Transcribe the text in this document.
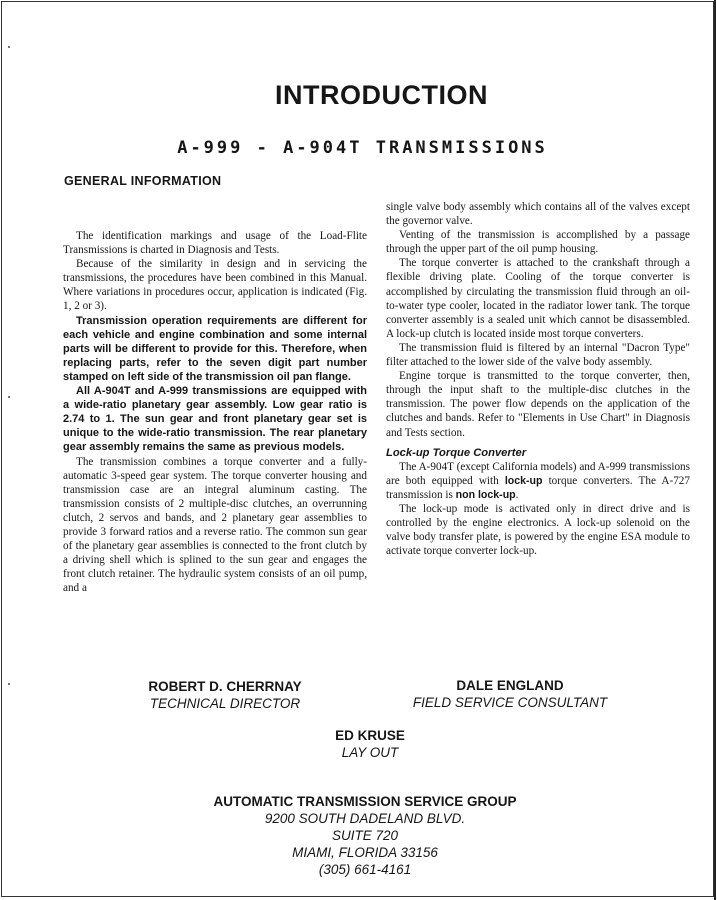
INTRODUCTION
A-999 - A-904T TRANSMISSIONS
GENERAL INFORMATION

The identification markings and usage of the Load-Flite Transmissions is charted in Diagnosis and Tests.

Because of the similarity in design and in servicing the transmissions, the procedures have been combined in this Manual. Where variations in procedures occur, application is indicated (Fig. 1, 2 or 3).

Transmission operation requirements are different for each vehicle and engine combination and some internal parts will be different to provide for this. Therefore, when replacing parts, refer to the seven digit part number stamped on left side of the transmission oil pan flange.

All A-904T and A-999 transmissions are equipped with a wide-ratio planetary gear assembly. Low gear ratio is 2.74 to 1. The sun gear and front planetary gear set is unique to the wide-ratio transmission. The rear planetary gear assembly remains the same as previous models.

The transmission combines a torque converter and a fully-automatic 3-speed gear system. The torque converter housing and transmission case are an integral aluminum casting. The transmission consists of 2 multiple-disc clutches, an overrunning clutch, 2 servos and bands, and 2 planetary gear assemblies to provide 3 forward ratios and a reverse ratio. The common sun gear of the planetary gear assemblies is connected to the front clutch by a driving shell which is splined to the sun gear and engages the front clutch retainer. The hydraulic system consists of an oil pump, and a

single valve body assembly which contains all of the valves except the governor valve.

Venting of the transmission is accomplished by a passage through the upper part of the oil pump housing.

The torque converter is attached to the crankshaft through a flexible driving plate. Cooling of the torque converter is accomplished by circulating the transmission fluid through an oil-to-water type cooler, located in the radiator lower tank. The torque converter assembly is a sealed unit which cannot be disassembled. A lock-up clutch is located inside most torque converters.

The transmission fluid is filtered by an internal "Dacron Type" filter attached to the lower side of the valve body assembly.

Engine torque is transmitted to the torque converter, then, through the input shaft to the multiple-disc clutches in the transmission. The power flow depends on the application of the clutches and bands. Refer to "Elements in Use Chart" in Diagnosis and Tests section.

Lock-up Torque Converter

The A-904T (except California models) and A-999 transmissions are both equipped with lock-up torque converters. The A-727 transmission is non lock-up.

The lock-up mode is activated only in direct drive and is controlled by the engine electronics. A lock-up solenoid on the valve body transfer plate, is powered by the engine ESA module to activate torque converter lock-up.

ROBERT D. CHERRNAY
TECHNICAL DIRECTOR
DALE ENGLAND
FIELD SERVICE CONSULTANT
ED KRUSE
LAY OUT
AUTOMATIC TRANSMISSION SERVICE GROUP
9200 SOUTH DADELAND BLVD.
SUITE 720
MIAMI, FLORIDA 33156
(305) 661-4161
